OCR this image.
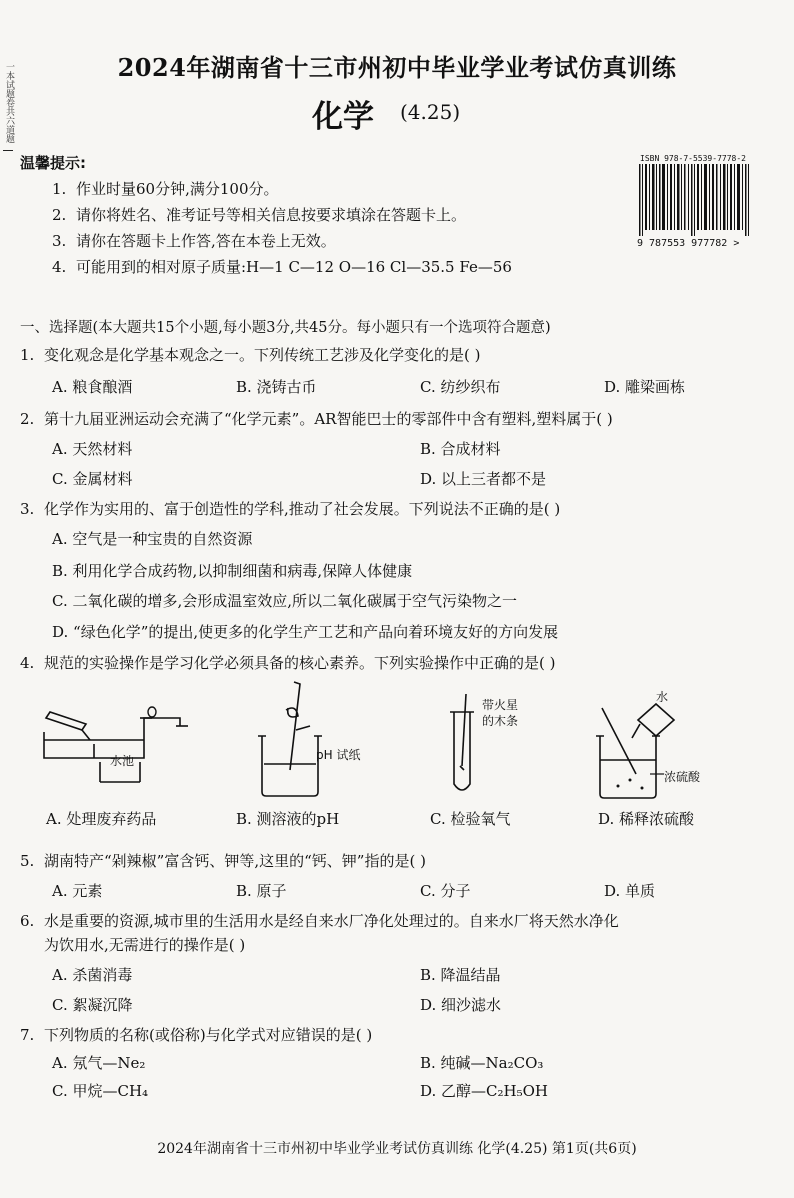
一本试题卷共六道题	2024年湖南省十三市州初中毕业学业考试仿真训练
化学 (4.25)
温馨提示:
1. 作业时量60分钟,满分100分。
2. 请你将姓名、准考证号等相关信息按要求填涂在答题卡上。
3. 请你在答题卡上作答,答在本卷上无效。
4. 可能用到的相对原子质量:H—1 C—12 O—16 Cl—35.5 Fe—56
ISBN 978-7-5539-7778-2
9 787553 977782 >
一、选择题(本大题共15个小题,每小题3分,共45分。每小题只有一个选项符合题意)
1. 变化观念是化学基本观念之一。下列传统工艺涉及化学变化的是( )
A. 粮食酿酒	B. 浇铸古币	C. 纺纱织布	D. 雕梁画栋
2. 第十九届亚洲运动会充满了“化学元素”。AR智能巴士的零部件中含有塑料,塑料属于( )
A. 天然材料	B. 合成材料
C. 金属材料	D. 以上三者都不是
3. 化学作为实用的、富于创造性的学科,推动了社会发展。下列说法不正确的是( )
A. 空气是一种宝贵的自然资源
B. 利用化学合成药物,以抑制细菌和病毒,保障人体健康
C. 二氧化碳的增多,会形成温室效应,所以二氧化碳属于空气污染物之一
D. “绿色化学”的提出,使更多的化学生产工艺和产品向着环境友好的方向发展
4. 规范的实验操作是学习化学必须具备的核心素养。下列实验操作中正确的是( )
水池	pH 试纸
带火星
的木条
水
浓硫酸
A. 处理废弃药品	B. 测溶液的pH	C. 检验氧气	D. 稀释浓硫酸
5. 湖南特产“剁辣椒”富含钙、钾等,这里的“钙、钾”指的是( )
A. 元素	B. 原子	C. 分子	D. 单质
6. 水是重要的资源,城市里的生活用水是经自来水厂净化处理过的。自来水厂将天然水净化
为饮用水,无需进行的操作是( )
A. 杀菌消毒	B. 降温结晶
C. 絮凝沉降	D. 细沙滤水
7. 下列物质的名称(或俗称)与化学式对应错误的是( )
A. 氖气—Ne₂	B. 纯碱—Na₂CO₃
C. 甲烷—CH₄	D. 乙醇—C₂H₅OH
2024年湖南省十三市州初中毕业学业考试仿真训练 化学(4.25) 第1页(共6页)
